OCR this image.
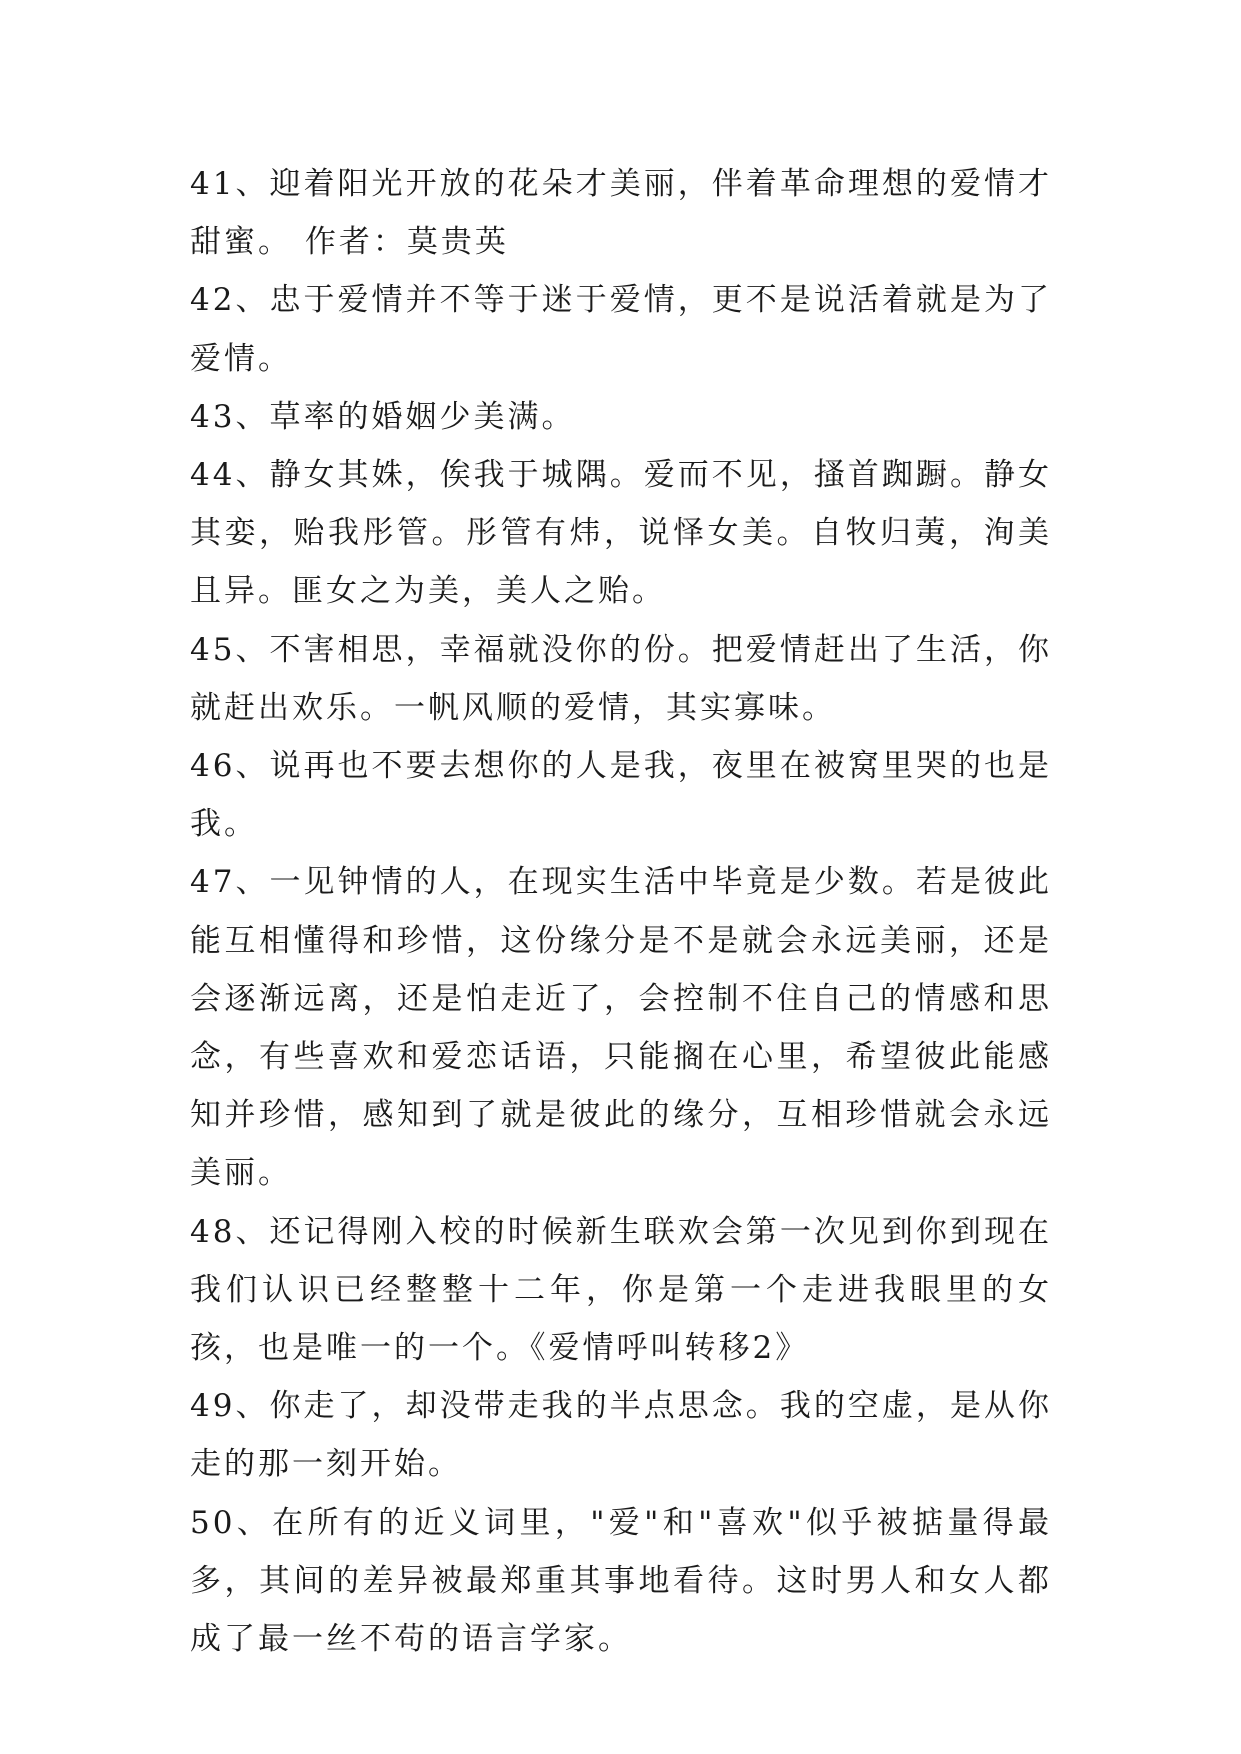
41、迎着阳光开放的花朵才美丽，伴着革命理想的爱情才甜蜜。 作者：莫贵英

42、忠于爱情并不等于迷于爱情，更不是说活着就是为了爱情。

43、草率的婚姻少美满。

44、静女其姝，俟我于城隅。爱而不见，搔首踟蹰。静女其娈，贻我彤管。彤管有炜，说怿女美。自牧归荑，洵美且异。匪女之为美，美人之贻。

45、不害相思，幸福就没你的份。把爱情赶出了生活，你就赶出欢乐。一帆风顺的爱情，其实寡味。

46、说再也不要去想你的人是我，夜里在被窝里哭的也是我。

47、一见钟情的人，在现实生活中毕竟是少数。若是彼此能互相懂得和珍惜，这份缘分是不是就会永远美丽，还是会逐渐远离，还是怕走近了，会控制不住自己的情感和思念，有些喜欢和爱恋话语，只能搁在心里，希望彼此能感知并珍惜，感知到了就是彼此的缘分，互相珍惜就会永远美丽。

48、还记得刚入校的时候新生联欢会第一次见到你到现在我们认识已经整整十二年，你是第一个走进我眼里的女孩，也是唯一的一个。《爱情呼叫转移2》

49、你走了，却没带走我的半点思念。我的空虚，是从你走的那一刻开始。

50、在所有的近义词里，"爱"和"喜欢"似乎被掂量得最多，其间的差异被最郑重其事地看待。这时男人和女人都成了最一丝不苟的语言学家。
